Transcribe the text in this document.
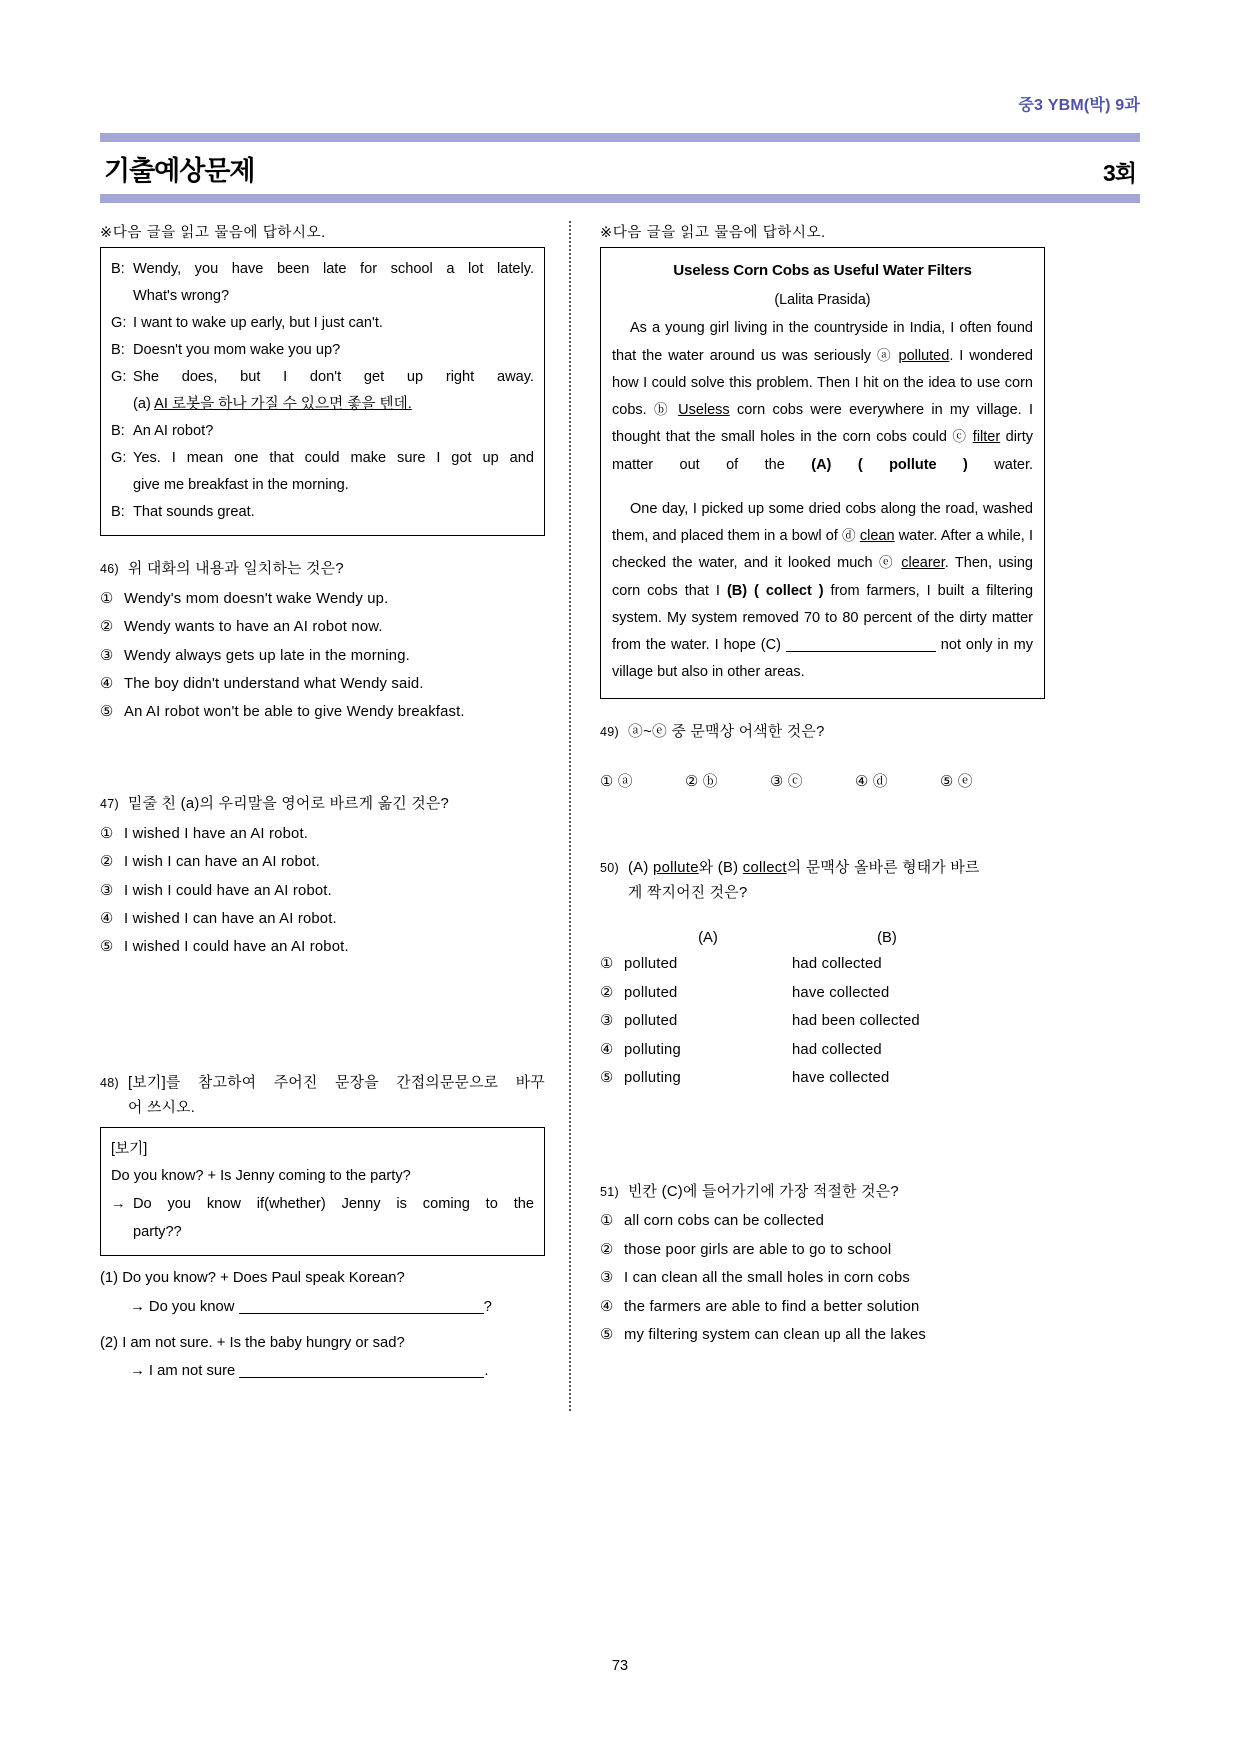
중3 YBM(박) 9과
기출예상문제	3회
※다음 글을 읽고 물음에 답하시오.
B: Wendy, you have been late for school a lot lately.
What's wrong?
G: I want to wake up early, but I just can't.
B: Doesn't you mom wake you up?
G: She does, but I don't get up right away.
(a) AI 로봇을 하나 가질 수 있으면 좋을 텐데.
B: An AI robot?
G: Yes. I mean one that could make sure I got up and
give me breakfast in the morning.
B: That sounds great.
46) 위 대화의 내용과 일치하는 것은?
① Wendy's mom doesn't wake Wendy up.
② Wendy wants to have an AI robot now.
③ Wendy always gets up late in the morning.
④ The boy didn't understand what Wendy said.
⑤ An AI robot won't be able to give Wendy breakfast.
47) 밑줄 친 (a)의 우리말을 영어로 바르게 옮긴 것은?
① I wished I have an AI robot.
② I wish I can have an AI robot.
③ I wish I could have an AI robot.
④ I wished I can have an AI robot.
⑤ I wished I could have an AI robot.
48) [보기]를 참고하여 주어진 문장을 간접의문문으로 바꾸
어 쓰시오.
[보기]
Do you know? + Is Jenny coming to the party?
→ Do you know if(whether) Jenny is coming to the
party??
(1) Do you know? + Does Paul speak Korean?
→ Do you know	?
(2) I am not sure. + Is the baby hungry or sad?
→ I am not sure	.
※다음 글을 읽고 물음에 답하시오.
Useless Corn Cobs as Useful Water Filters
(Lalita Prasida)
As a young girl living in the countryside in India, I often found that the water around us was seriously ⓐ polluted. I wondered how I could solve this problem. Then I hit on the idea to use corn cobs. ⓑ Useless corn cobs were everywhere in my village. I thought that the small holes in the corn cobs could ⓒ filter dirty matter out of the (A) ( pollute ) water.
One day, I picked up some dried cobs along the road, washed them, and placed them in a bowl of ⓓ clean water. After a while, I checked the water, and it looked much ⓔ clearer. Then, using corn cobs that I (B) ( collect ) from farmers, I built a filtering system. My system removed 70 to 80 percent of the dirty matter from the water. I hope (C)	not only in my village but also in other areas.
49) ⓐ~ⓔ 중 문맥상 어색한 것은?
① ⓐ	② ⓑ	③ ⓒ	④ ⓓ	⑤ ⓔ
50) (A) pollute와 (B) collect의 문맥상 올바른 형태가 바르
게 짝지어진 것은?
(A)	(B)
① polluted	had collected
② polluted	have collected
③ polluted	had been collected
④ polluting	had collected
⑤ polluting	have collected
51) 빈칸 (C)에 들어가기에 가장 적절한 것은?
① all corn cobs can be collected
② those poor girls are able to go to school
③ I can clean all the small holes in corn cobs
④ the farmers are able to find a better solution
⑤ my filtering system can clean up all the lakes
73
